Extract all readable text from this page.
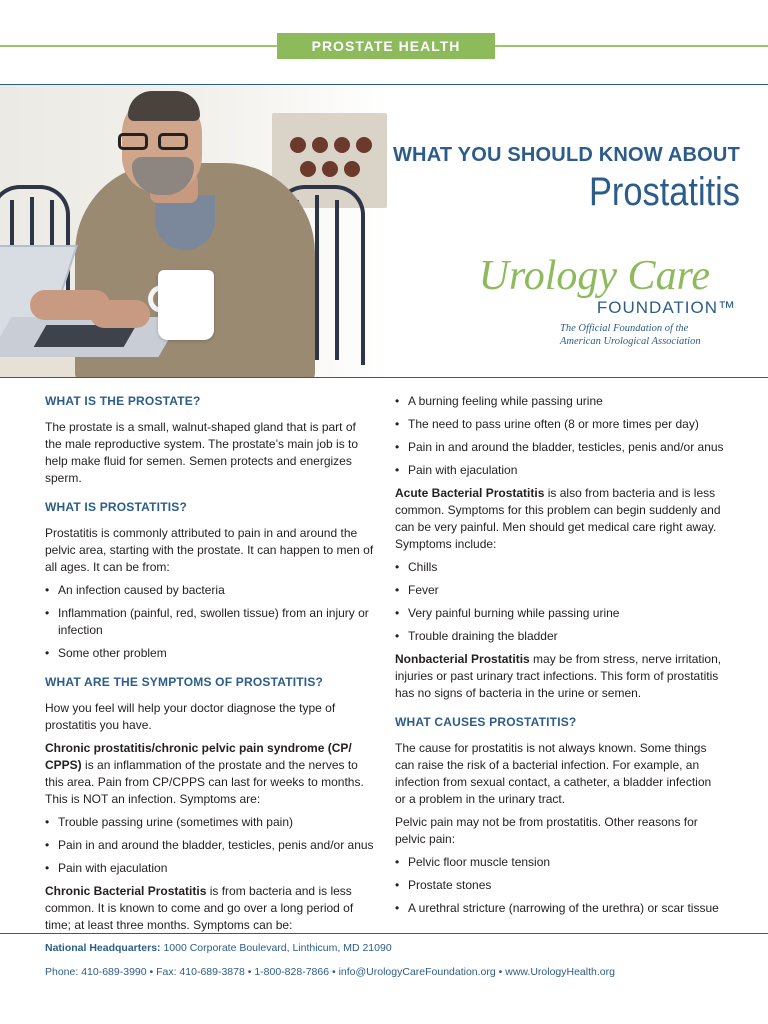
PROSTATE HEALTH
WHAT YOU SHOULD KNOW ABOUT
Prostatitis
Urology Care
FOUNDATION™
The Official Foundation of the
American Urological Association
WHAT IS THE PROSTATE?
The prostate is a small, walnut-shaped gland that is part of the male reproductive system. The prostate’s main job is to help make fluid for semen. Semen protects and energizes sperm.
WHAT IS PROSTATITIS?
Prostatitis is commonly attributed to pain in and around the pelvic area, starting with the prostate. It can happen to men of all ages. It can be from:
• An infection caused by bacteria
• Inflammation (painful, red, swollen tissue) from an injury or infection
• Some other problem
WHAT ARE THE SYMPTOMS OF PROSTATITIS?
How you feel will help your doctor diagnose the type of prostatitis you have.
Chronic prostatitis/chronic pelvic pain syndrome (CP/ CPPS) is an inflammation of the prostate and the nerves to this area. Pain from CP/CPPS can last for weeks to months. This is NOT an infection. Symptoms are:
• Trouble passing urine (sometimes with pain)
• Pain in and around the bladder, testicles, penis and/or anus
• Pain with ejaculation
Chronic Bacterial Prostatitis is from bacteria and is less common. It is known to come and go over a long period of time; at least three months. Symptoms can be:
• A burning feeling while passing urine
• The need to pass urine often (8 or more times per day)
• Pain in and around the bladder, testicles, penis and/or anus
• Pain with ejaculation
Acute Bacterial Prostatitis is also from bacteria and is less common. Symptoms for this problem can begin suddenly and can be very painful. Men should get medical care right away. Symptoms include:
• Chills
• Fever
• Very painful burning while passing urine
• Trouble draining the bladder
Nonbacterial Prostatitis may be from stress, nerve irritation, injuries or past urinary tract infections. This form of prostatitis has no signs of bacteria in the urine or semen.
WHAT CAUSES PROSTATITIS?
The cause for prostatitis is not always known. Some things can raise the risk of a bacterial infection. For example, an infection from sexual contact, a catheter, a bladder infection or a problem in the urinary tract.
Pelvic pain may not be from prostatitis. Other reasons for pelvic pain:
• Pelvic floor muscle tension
• Prostate stones
• A urethral stricture (narrowing of the urethra) or scar tissue
National Headquarters: 1000 Corporate Boulevard, Linthicum, MD 21090
Phone: 410-689-3990 • Fax: 410-689-3878 • 1-800-828-7866 • info@UrologyCareFoundation.org • www.UrologyHealth.org
